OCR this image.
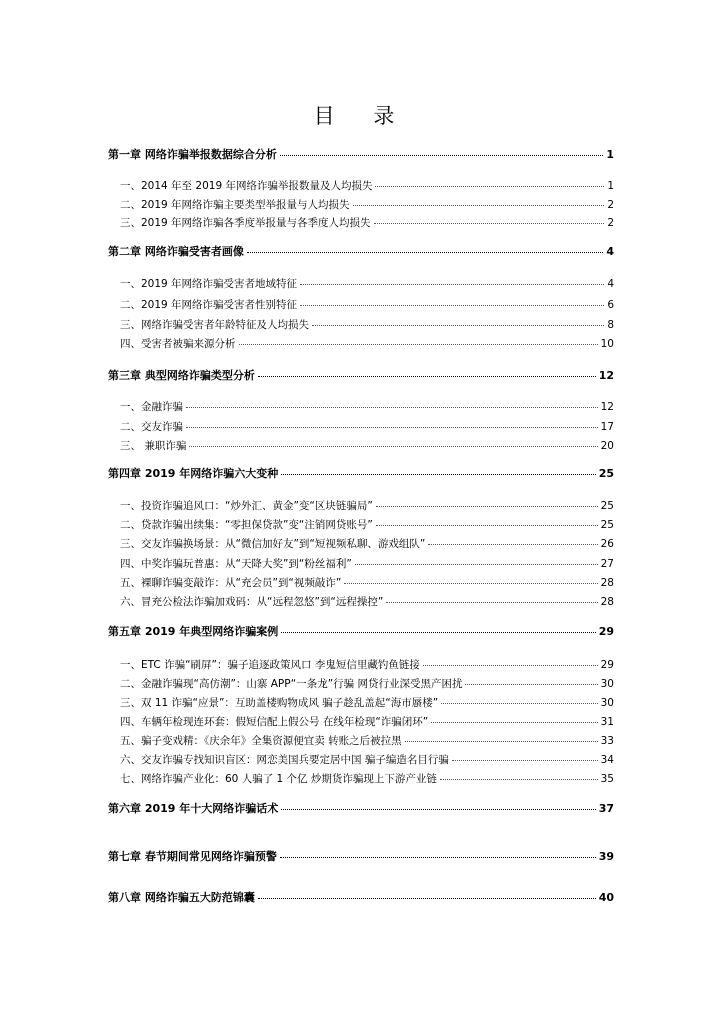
目 录
第一章 网络诈骗举报数据综合分析	1
一、2014 年至 2019 年网络诈骗举报数量及人均损失	1
二、2019 年网络诈骗主要类型举报量与人均损失	2
三、2019 年网络诈骗各季度举报量与各季度人均损失	2
第二章 网络诈骗受害者画像	4
一、2019 年网络诈骗受害者地域特征	4
二、2019 年网络诈骗受害者性别特征	6
三、网络诈骗受害者年龄特征及人均损失	8
四、受害者被骗来源分析	10
第三章 典型网络诈骗类型分析	12
一、金融诈骗	12
二、交友诈骗	17
三、 兼职诈骗	20
第四章 2019 年网络诈骗六大变种	25
一、投资诈骗追风口：“炒外汇、黄金”变“区块链骗局”	25
二、贷款诈骗出续集：“零担保贷款”变“注销网贷账号”	25
三、交友诈骗换场景：从“微信加好友”到“短视频私聊、游戏组队”	26
四、中奖诈骗玩普惠：从“天降大奖”到“粉丝福利”	27
五、裸聊诈骗变敲诈：从“充会员”到“视频敲诈”	28
六、冒充公检法诈骗加戏码：从“远程忽悠”到“远程操控”	28
第五章 2019 年典型网络诈骗案例	29
一、ETC 诈骗“刷屏”：骗子追逐政策风口 李鬼短信里藏钓鱼链接	29
二、金融诈骗现“高仿潮”：山寨 APP“一条龙”行骗 网贷行业深受黑产困扰	30
三、双 11 诈骗“应景”：互助盖楼购物成风 骗子趁乱盖起“海市蜃楼”	30
四、车辆年检现连环套：假短信配上假公号 在线年检现“诈骗闭环”	31
五、骗子变戏精：《庆余年》全集资源便宜卖 转账之后被拉黑	33
六、交友诈骗专找知识盲区：网恋美国兵要定居中国 骗子编造名目行骗	34
七、网络诈骗产业化：60 人骗了 1 个亿 炒期货诈骗现上下游产业链	35
第六章 2019 年十大网络诈骗话术	37
第七章 春节期间常见网络诈骗预警	39
第八章 网络诈骗五大防范锦囊	40
